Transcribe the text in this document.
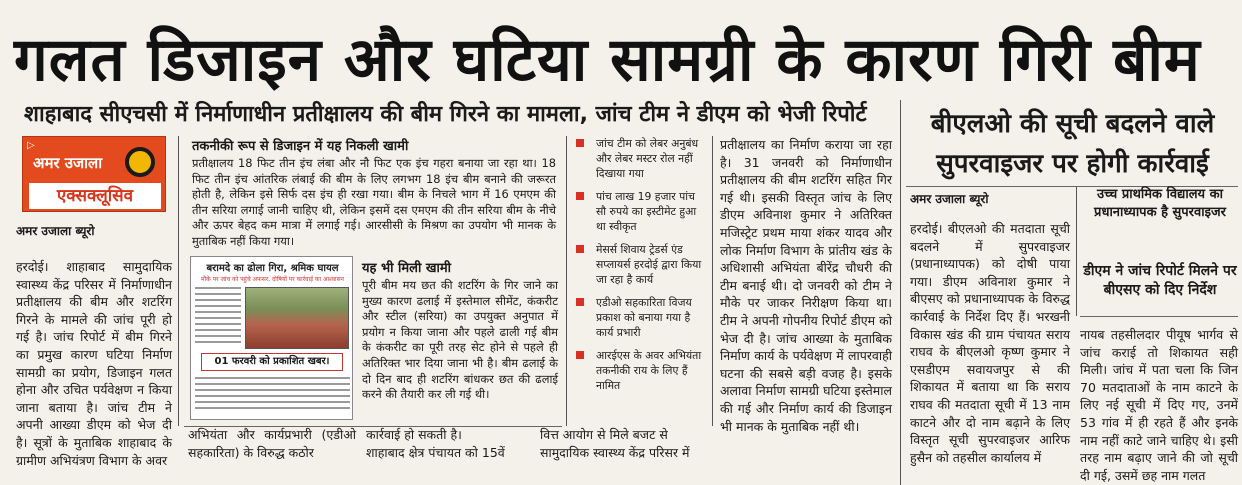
गलत डिजाइन और घटिया सामग्री के कारण गिरी बीम
शाहाबाद सीएचसी में निर्माणाधीन प्रतीक्षालय की बीम गिरने का मामला, जांच टीम ने डीएम को भेजी रिपोर्ट
▷
अमर उजाला
एक्सक्लूसिव
अमर उजाला ब्यूरो
हरदोई। शाहाबाद सामुदायिक स्वास्थ्य केंद्र परिसर में निर्माणाधीन प्रतीक्षालय की बीम और शटरिंग गिरने के मामले की जांच पूरी हो गई है। जांच रिपोर्ट में बीम गिरने का प्रमुख कारण घटिया निर्माण सामग्री का प्रयोग, डिजाइन गलत होना और उचित पर्यवेक्षण न किया जाना बताया है। जांच टीम ने अपनी आख्या डीएम को भेज दी है। सूत्रों के मुताबिक शाहाबाद के ग्रामीण अभियंत्रण विभाग के अवर
तकनीकी रूप से डिजाइन में यह निकली खामी
प्रतीक्षालय 18 फिट तीन इंच लंबा और नौ फिट एक इंच गहरा बनाया जा रहा था। 18 फिट तीन इंच आंतरिक लंबाई की बीम के लिए लगभग 18 इंच बीम बनाने की जरूरत होती है, लेकिन इसे सिर्फ दस इंच ही रखा गया। बीम के निचले भाग में 16 एमएम की तीन सरिया लगाई जानी चाहिए थी, लेकिन इसमें दस एमएम की तीन सरिया बीम के नीचे और ऊपर बेहद कम मात्रा में लगाई गई। आरसीसी के मिश्रण का उपयोग भी मानक के मुताबिक नहीं किया गया।
बरामदे का ढोला गिरा, श्रमिक घायल
मौके पर जांच को पहुंचे अफसर, दोषियों पर कार्रवाई का आश्वासन
01 फरवरी को प्रकाशित खबर।
यह भी मिली खामी
पूरी बीम मय छत की शटरिंग के गिर जाने का मुख्य कारण ढलाई में इस्तेमाल सीमेंट, कंकरीट और स्टील (सरिया) का उपयुक्त अनुपात में प्रयोग न किया जाना और पहले ढाली गई बीम के कंकरीट का पूरी तरह सेट होने से पहले ही अतिरिक्त भार दिया जाना भी है। बीम ढलाई के दो दिन बाद ही शटरिंग बांधकर छत की ढलाई करने की तैयारी कर ली गई थी।
जांच टीम को लेबर अनुबंध और लेबर मस्टर रोल नहीं दिखाया गया
पांच लाख 19 हजार पांच सौ रुपये का इस्टीमेट हुआ था स्वीकृत
मेसर्स शिवाय ट्रेडर्स एंड सप्लायर्स हरदोई द्वारा किया जा रहा है कार्य
एडीओ सहकारिता विजय प्रकाश को बनाया गया है कार्य प्रभारी
आरईएस के अवर अभियंता तकनीकी राय के लिए हैं नामित
प्रतीक्षालय का निर्माण कराया जा रहा है। 31 जनवरी को निर्माणाधीन प्रतीक्षालय की बीम शटरिंग सहित गिर गई थी। इसकी विस्तृत जांच के लिए डीएम अविनाश कुमार ने अतिरिक्त मजिस्ट्रेट प्रथम माया शंकर यादव और लोक निर्माण विभाग के प्रांतीय खंड के अधिशासी अभियंता बीरेंद्र चौधरी की टीम बनाई थी। दो जनवरी को टीम ने मौके पर जाकर निरीक्षण किया था। टीम ने अपनी गोपनीय रिपोर्ट डीएम को भेज दी है। जांच आख्या के मुताबिक निर्माण कार्य के पर्यवेक्षण में लापरवाही घटना की सबसे बड़ी वजह है। इसके अलावा निर्माण सामग्री घटिया इस्तेमाल की गई और निर्माण कार्य की डिजाइन भी मानक के मुताबिक नहीं थी।
अभियंता और कार्यप्रभारी (एडीओ सहकारिता) के विरुद्ध कठोर
कार्रवाई हो सकती है।
शाहाबाद क्षेत्र पंचायत को 15वें
वित्त आयोग से मिले बजट से सामुदायिक स्वास्थ्य केंद्र परिसर में
बीएलओ की सूची बदलने वाले सुपरवाइजर पर होगी कार्रवाई
अमर उजाला ब्यूरो
हरदोई। बीएलओ की मतदाता सूची बदलने में सुपरवाइजर (प्रधानाध्यापक) को दोषी पाया गया। डीएम अविनाश कुमार ने बीएसए को प्रधानाध्यापक के विरुद्ध कार्रवाई के निर्देश दिए हैं। भरखनी विकास खंड की ग्राम पंचायत सराय राघव के बीएलओ कृष्ण कुमार ने एसडीएम सवायजपुर से की शिकायत में बताया था कि सराय राघव की मतदाता सूची में 13 नाम काटने और दो नाम बढ़ाने के लिए विस्तृत सूची सुपरवाइजर आरिफ हुसैन को तहसील कार्यालय में
उच्च प्राथमिक विद्यालय का प्रधानाध्यापक है सुपरवाइजर
डीएम ने जांच रिपोर्ट मिलने पर बीएसए को दिए निर्देश
नायब तहसीलदार पीयूष भार्गव से जांच कराई तो शिकायत सही मिली। जांच में पता चला कि जिन 70 मतदाताओं के नाम काटने के लिए नई सूची में दिए गए, उनमें 53 गांव में ही रहते हैं और इनके नाम नहीं काटे जाने चाहिए थे। इसी तरह नाम बढ़ाए जाने की जो सूची दी गई, उसमें छह नाम गलत
